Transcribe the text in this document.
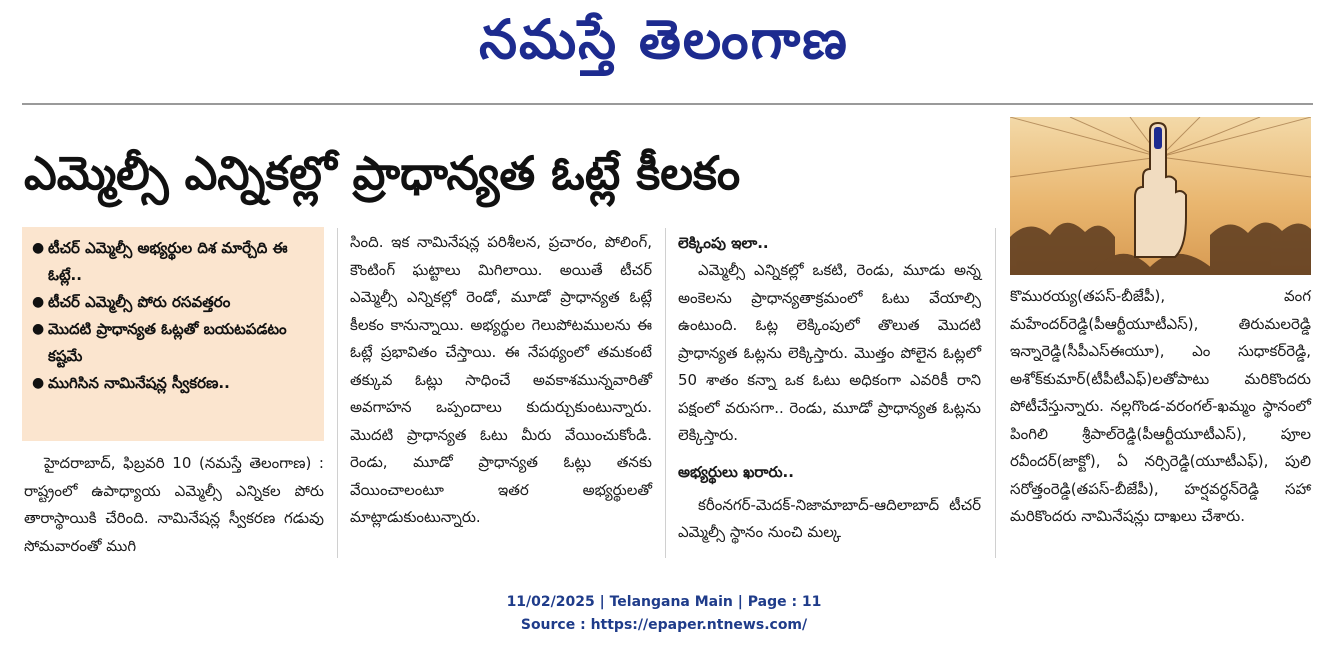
నమస్తే తెలంగాణ
ఎమ్మెల్సీ ఎన్నికల్లో ప్రాధాన్యత ఓట్లే కీలకం
● టీచర్ ఎమ్మెల్సీ అభ్యర్థుల దిశ మార్చేది ఈ ఓట్లే..
● టీచర్ ఎమ్మెల్సీ పోరు రసవత్తరం
● మొదటి ప్రాధాన్యత ఓట్లతో బయటపడటం కష్టమే
● ముగిసిన నామినేషన్ల స్వీకరణ..

హైదరాబాద్, ఫిబ్రవరి 10 (నమస్తే తెలంగాణ) : రాష్ట్రంలో ఉపాధ్యాయ ఎమ్మెల్సీ ఎన్నికల పోరు తారాస్థాయికి చేరింది. నామినేషన్ల స్వీకరణ గడువు సోమవారంతో ముగి

సింది. ఇక నామినేషన్ల పరిశీలన, ప్రచారం, పోలింగ్, కౌంటింగ్ ఘట్టాలు మిగిలాయి. అయితే టీచర్ ఎమ్మెల్సీ ఎన్నికల్లో రెండో, మూడో ప్రాధాన్యత ఓట్లే కీలకం కానున్నాయి. అభ్యర్థుల గెలుపోటములను ఈ ఓట్లే ప్రభావితం చేస్తాయి. ఈ నేపథ్యంలో తమకంటే తక్కువ ఓట్లు సాధించే అవకాశమున్నవారితో అవగాహన ఒప్పందాలు కుదుర్చుకుంటున్నారు. మొదటి ప్రాధాన్యత ఓటు మీరు వేయించుకోండి. రెండు, మూడో ప్రాధాన్యత ఓట్లు తనకు వేయించాలంటూ ఇతర అభ్యర్థులతో మాట్లాడుకుంటున్నారు.

లెక్కింపు ఇలా..

ఎమ్మెల్సీ ఎన్నికల్లో ఒకటి, రెండు, మూడు అన్న అంకెలను ప్రాధాన్యతాక్రమంలో ఓటు వేయాల్సి ఉంటుంది. ఓట్ల లెక్కింపులో తొలుత మొదటి ప్రాధాన్యత ఓట్లను లెక్కిస్తారు. మొత్తం పోలైన ఓట్లలో 50 శాతం కన్నా ఒక ఓటు అధికంగా ఎవరికీ రాని పక్షంలో వరుసగా.. రెండు, మూడో ప్రాధాన్యత ఓట్లను లెక్కిస్తారు.

అభ్యర్థులు ఖరారు..

కరీంనగర్-మెదక్-నిజామాబాద్-ఆదిలాబాద్ టీచర్ ఎమ్మెల్సీ స్థానం నుంచి మల్క

కొమురయ్య(తపస్-బీజేపీ), వంగ మహేందర్‌రెడ్డి(పీఆర్టీయూటీఎస్), తిరుమలరెడ్డి ఇన్నారెడ్డి(సీపీఎస్ఈయూ), ఎం సుధాకర్‌రెడ్డి, అశోక్‌కుమార్(టీపీటీఎఫ్)లతోపాటు మరికొందరు పోటీచేస్తున్నారు. నల్లగొండ-వరంగల్-ఖమ్మం స్థానంలో పింగిలి శ్రీపాల్‌రెడ్డి(పీఆర్టీయూటీఎస్), పూల రవీందర్(జాక్టో), ఏ నర్సిరెడ్డి(యూటీఎఫ్), పులి సరోత్తంరెడ్డి(తపస్-బీజేపీ), హర్షవర్ధన్‌రెడ్డి సహా మరికొందరు నామినేషన్లు దాఖలు చేశారు.

11/02/2025 | Telangana Main | Page : 11
Source : https://epaper.ntnews.com/
